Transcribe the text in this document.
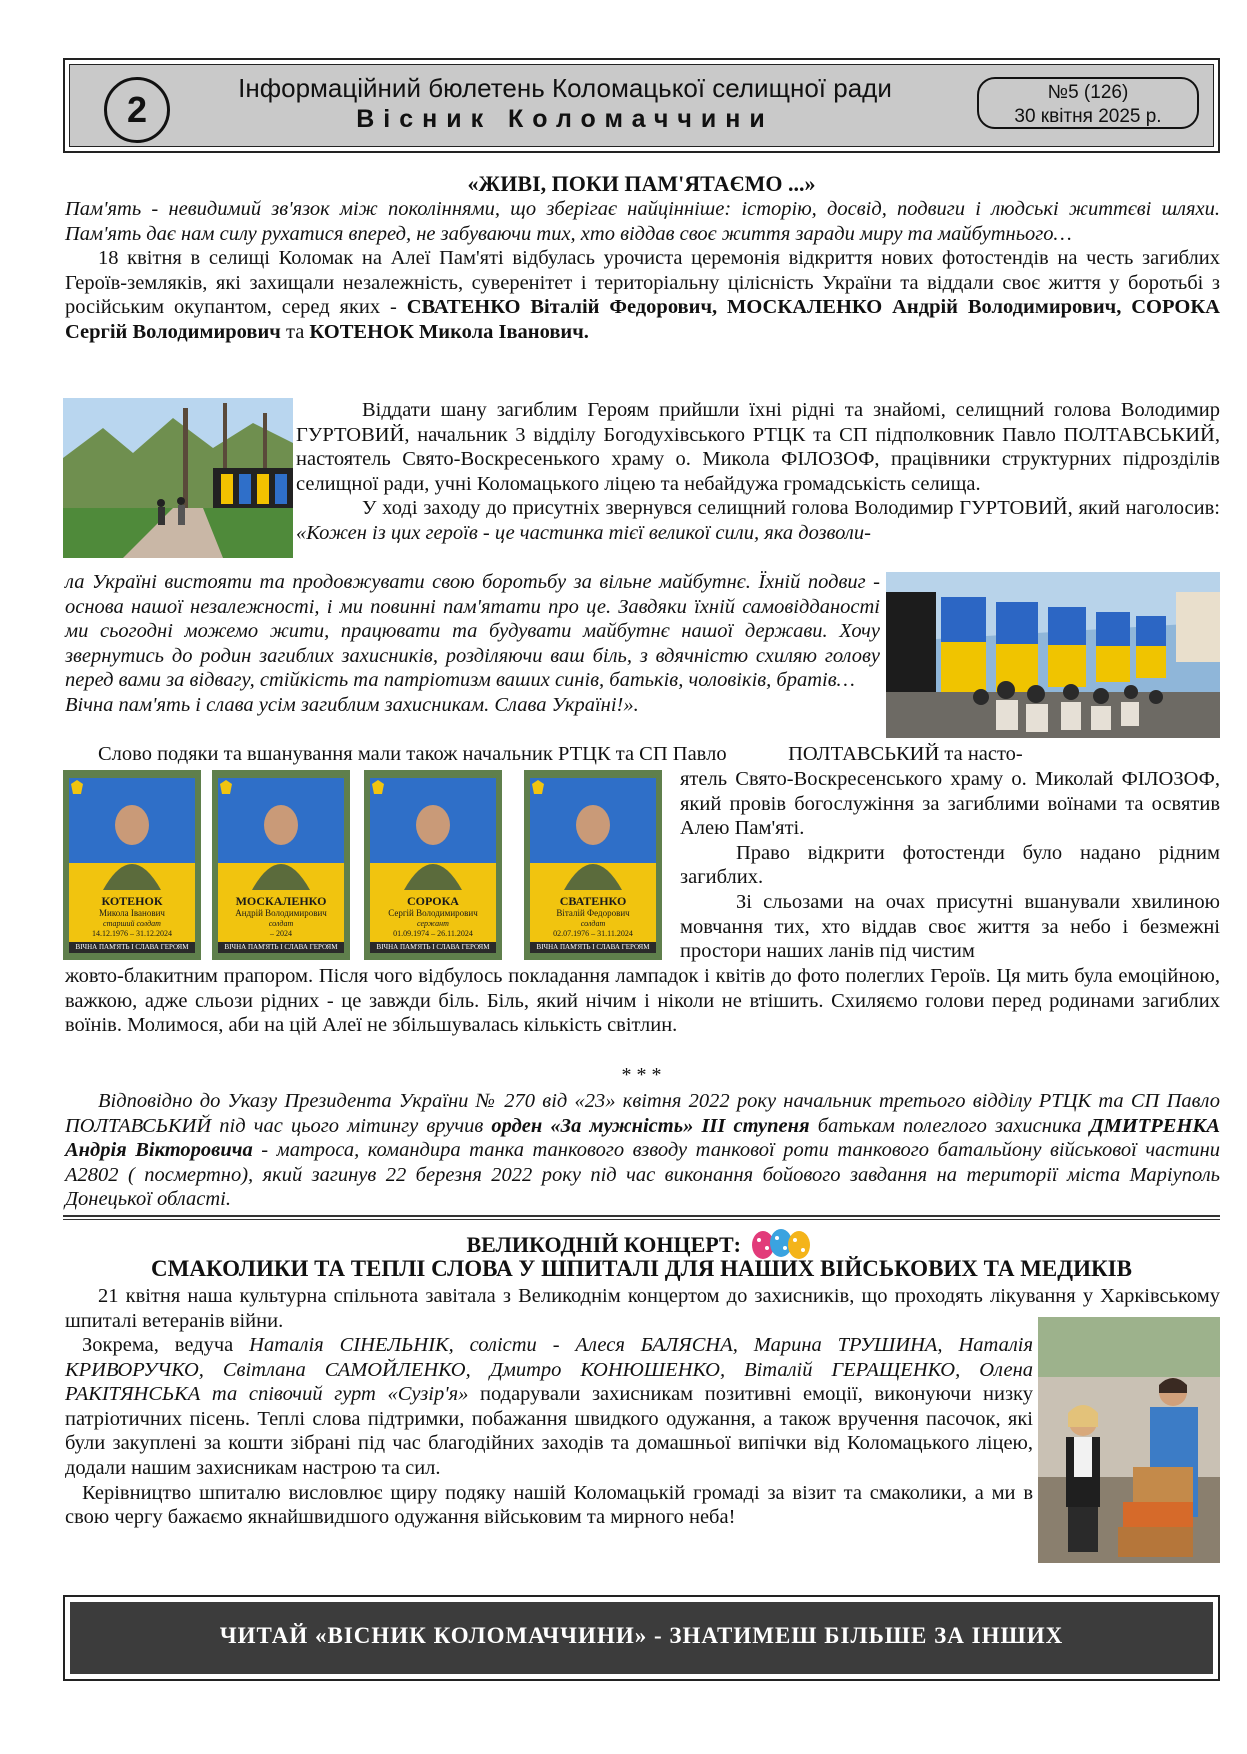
2
Інформаційний бюлетень Коломацької селищної ради
Вісник Коломаччини
№5 (126)
30 квітня 2025 р.
«ЖИВІ, ПОКИ ПАМ'ЯТАЄМО ...»

Пам'ять - невидимий зв'язок між поколіннями, що зберігає найцінніше: історію, досвід, подвиги і людські життєві шляхи. Пам'ять дає нам силу рухатися вперед, не забуваючи тих, хто віддав своє життя заради миру та майбутнього…

18 квітня в селищі Коломак на Алеї Пам'яті відбулась урочиста церемонія відкриття нових фотостендів на честь загиблих Героїв-земляків, які захищали незалежність, суверенітет і територіальну цілісність України та віддали своє життя у боротьбі з російським окупантом, серед яких - СВАТЕНКО Віталій Федорович, МОСКАЛЕНКО Андрій Володимирович, СОРОКА Сергій Володимирович та КОТЕНОК Микола Іванович.

Віддати шану загиблим Героям прийшли їхні рідні та знайомі, селищний голова Володимир ГУРТОВИЙ, начальник 3 відділу Богодухівського РТЦК та СП підполковник Павло ПОЛТАВСЬКИЙ, настоятель Свято-Воскресенького храму о. Микола ФІЛОЗОФ, працівники структурних підрозділів селищної ради, учні Коломацького ліцею та небайдужа громадськість селища.

У ході заходу до присутніх звернувся селищний голова Володимир ГУРТОВИЙ, який наголосив: «Кожен із цих героїв - це частинка тієї великої сили, яка дозволи-

ла Україні вистояти та продовжувати свою боротьбу за вільне майбутнє. Їхній подвиг - основа нашої незалежності, і ми повинні пам'ятати про це. Завдяки їхній самовідданості ми сьогодні можемо жити, працювати та будувати майбутнє нашої держави. Хочу звернутись до родин загиблих захисників, розділяючи ваш біль, з вдячністю схиляю голову перед вами за відвагу, стійкість та патріотизм ваших синів, батьків, чоловіків, братів…

Вічна пам'ять і слава усім загиблим захисникам. Слава Україні!».

Слово подяки та вшанування мали також начальник РТЦК та СП Павло            ПОЛТАВСЬКИЙ та насто-

КОТЕНОК
Микола Іванович
старший солдат
14.12.1976 – 31.12.2024
ВІЧНА ПАМ'ЯТЬ І СЛАВА ГЕРОЯМ
МОСКАЛЕНКО
Андрій Володимирович
солдат
– 2024
ВІЧНА ПАМ'ЯТЬ І СЛАВА ГЕРОЯМ
СОРОКА
Сергій Володимирович
сержант
01.09.1974 – 26.11.2024
ВІЧНА ПАМ'ЯТЬ І СЛАВА ГЕРОЯМ
СВАТЕНКО
Віталій Федорович
солдат
02.07.1976 – 31.11.2024
ВІЧНА ПАМ'ЯТЬ І СЛАВА ГЕРОЯМ

ятель Свято-Воскресенського храму о. Миколай ФІЛОЗОФ, який провів богослужіння за загиблими воїнами та освятив Алею Пам'яті.

Право відкрити фотостенди було надано рідним загиблих.

Зі сльозами на очах присутні вшанували хвилиною мовчання тих, хто віддав своє життя за небо і безмежні простори наших ланів під чистим

жовто-блакитним прапором. Після чого відбулось покладання лампадок і квітів до фото полеглих Героїв. Ця мить була емоційною, важкою, адже сльози рідних - це завжди біль. Біль, який нічим і ніколи не втішить. Схиляємо голови перед родинами загиблих воїнів. Молимося, аби на цій Алеї не збільшувалась кількість світлин.

* * *

Відповідно до Указу Президента України № 270 від «23» квітня 2022 року начальник третього відділу РТЦК та СП Павло ПОЛТАВСЬКИЙ під час цього мітингу вручив орден «За мужність» ІІІ ступеня батькам полеглого захисника ДМИТРЕНКА Андрія Вікторовича - матроса, командира танка танкового взводу танкової роти танкового батальйону військової частини А2802 ( посмертно), який загинув 22 березня 2022 року під час виконання бойового завдання на території міста Маріуполь Донецької області.

ВЕЛИКОДНІЙ КОНЦЕРТ:
СМАКОЛИКИ ТА ТЕПЛІ СЛОВА У ШПИТАЛІ ДЛЯ НАШИХ ВІЙСЬКОВИХ ТА МЕДИКІВ

21 квітня наша культурна спільнота завітала з Великоднім концертом до захисників, що проходять лікування у Харківському шпиталі ветеранів війни.

Зокрема, ведуча Наталія СІНЕЛЬНІК, солісти - Алеся БАЛЯСНА, Марина ТРУШИНА, Наталія КРИВОРУЧКО, Світлана САМОЙЛЕНКО, Дмитро КОНЮШЕНКО, Віталій ГЕРАЩЕНКО, Олена РАКІТЯНСЬКА та співочий гурт «Сузір'я» подарували захисникам позитивні емоції, виконуючи низку патріотичних пісень. Теплі слова підтримки, побажання швидкого одужання, а також вручення пасочок, які були закуплені за кошти зібрані під час благодійних заходів та домашньої випічки від Коломацького ліцею, додали нашим захисникам настрою та сил.

Керівництво шпиталю висловлює щиру подяку нашій Коломацькій громаді за візит та смаколики, а ми в свою чергу бажаємо якнайшвидшого одужання військовим та мирного неба!

ЧИТАЙ «ВІСНИК КОЛОМАЧЧИНИ» - ЗНАТИМЕШ БІЛЬШЕ ЗА ІНШИХ
